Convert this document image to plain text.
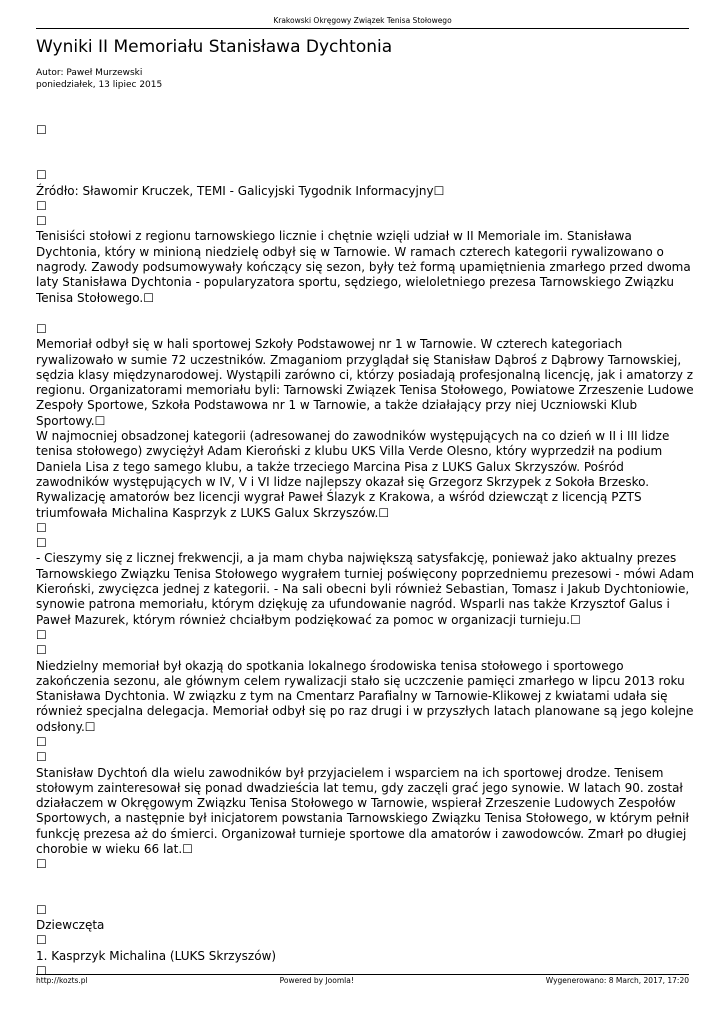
Krakowski Okręgowy Związek Tenisa Stołowego
Wyniki II Memoriału Stanisława Dychtonia
Autor: Paweł Murzewski
poniedziałek, 13 lipiec 2015
☐
☐

Źródło: Sławomir Kruczek, TEMI - Galicyjski Tygodnik Informacyjny☐

☐
☐

Tenisiści stołowi z regionu tarnowskiego licznie i chętnie wzięli udział w II Memoriale im. Stanisława Dychtonia, który w minioną niedzielę odbył się w Tarnowie. W ramach czterech kategorii rywalizowano o nagrody. Zawody podsumowywały kończący się sezon, były też formą upamiętnienia zmarłego przed dwoma laty Stanisława Dychtonia - popularyzatora sportu, sędziego, wieloletniego prezesa Tarnowskiego Związku Tenisa Stołowego.☐

☐

Memoriał odbył się w hali sportowej Szkoły Podstawowej nr 1 w Tarnowie. W czterech kategoriach rywalizowało w sumie 72 uczestników. Zmaganiom przyglądał się Stanisław Dąbroś z Dąbrowy Tarnowskiej, sędzia klasy międzynarodowej. Wystąpili zarówno ci, którzy posiadają profesjonalną licencję, jak i amatorzy z regionu. Organizatorami memoriału byli: Tarnowski Związek Tenisa Stołowego, Powiatowe Zrzeszenie Ludowe Zespoły Sportowe, Szkoła Podstawowa nr 1 w Tarnowie, a także działający przy niej Uczniowski Klub Sportowy.☐

W najmocniej obsadzonej kategorii (adresowanej do zawodników występujących na co dzień w II i III lidze tenisa stołowego) zwyciężył Adam Kieroński z klubu UKS Villa Verde Olesno, który wyprzedził na podium Daniela Lisa z tego samego klubu, a także trzeciego Marcina Pisa z LUKS Galux Skrzyszów. Pośród zawodników występujących w IV, V i VI lidze najlepszy okazał się Grzegorz Skrzypek z Sokoła Brzesko. Rywalizację amatorów bez licencji wygrał Paweł Ślazyk z Krakowa, a wśród dziewcząt z licencją PZTS triumfowała Michalina Kasprzyk z LUKS Galux Skrzyszów.☐

☐
☐

- Cieszymy się z licznej frekwencji, a ja mam chyba największą satysfakcję, ponieważ jako aktualny prezes Tarnowskiego Związku Tenisa Stołowego wygrałem turniej poświęcony poprzedniemu prezesowi - mówi Adam Kieroński, zwycięzca jednej z kategorii. - Na sali obecni byli również Sebastian, Tomasz i Jakub Dychtoniowie, synowie patrona memoriału, którym dziękuję za ufundowanie nagród. Wsparli nas także Krzysztof Galus i Paweł Mazurek, którym również chciałbym podziękować za pomoc w organizacji turnieju.☐

☐
☐

Niedzielny memoriał był okazją do spotkania lokalnego środowiska tenisa stołowego i sportowego zakończenia sezonu, ale głównym celem rywalizacji stało się uczczenie pamięci zmarłego w lipcu 2013 roku Stanisława Dychtonia. W związku z tym na Cmentarz Parafialny w Tarnowie-Klikowej z kwiatami udała się również specjalna delegacja. Memoriał odbył się po raz drugi i w przyszłych latach planowane są jego kolejne odsłony.☐

☐
☐

Stanisław Dychtoń dla wielu zawodników był przyjacielem i wsparciem na ich sportowej drodze. Tenisem stołowym zainteresował się ponad dwadzieścia lat temu, gdy zaczęli grać jego synowie. W latach 90. został działaczem w Okręgowym Związku Tenisa Stołowego w Tarnowie, wspierał Zrzeszenie Ludowych Zespołów Sportowych, a następnie był inicjatorem powstania Tarnowskiego Związku Tenisa Stołowego, w którym pełnił funkcję prezesa aż do śmierci. Organizował turnieje sportowe dla amatorów i zawodowców. Zmarł po długiej chorobie w wieku 66 lat.☐

☐
☐

Dziewczęta

☐

1. Kasprzyk Michalina (LUKS Skrzyszów)

☐
http://kozts.pl	Powered by Joomla!	Wygenerowano: 8 March, 2017, 17:20
